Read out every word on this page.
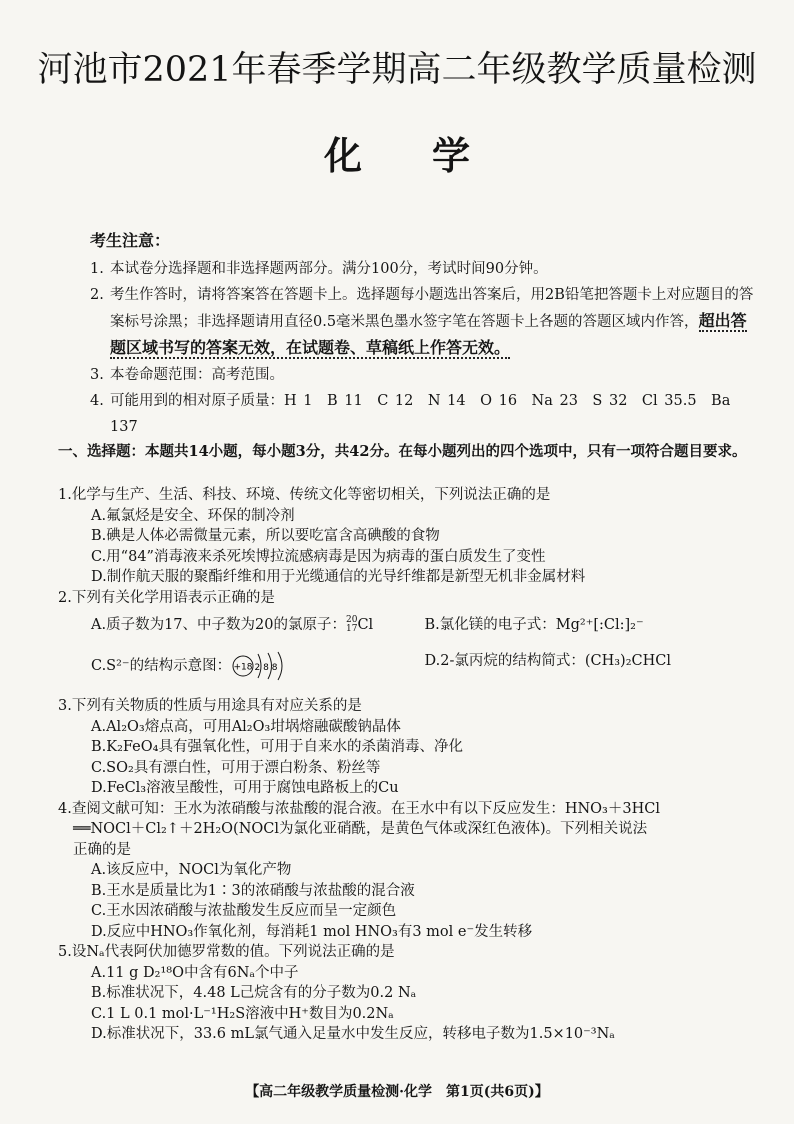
河池市2021年春季学期高二年级教学质量检测
化学
考生注意：
1. 本试卷分选择题和非选择题两部分。满分100分，考试时间90分钟。
2. 考生作答时，请将答案答在答题卡上。选择题每小题选出答案后，用2B铅笔把答题卡上对应题目的答案标号涂黑；非选择题请用直径0.5毫米黑色墨水签字笔在答题卡上各题的答题区域内作答，超出答题区域书写的答案无效，在试题卷、草稿纸上作答无效。
3. 本卷命题范围：高考范围。
4. 可能用到的相对原子质量：H 1　B 11　C 12　N 14　O 16　Na 23　S 32　Cl 35.5　Ba 137
一、选择题：本题共14小题，每小题3分，共42分。在每小题列出的四个选项中，只有一项符合题目要求。
1.化学与生产、生活、科技、环境、传统文化等密切相关，下列说法正确的是
A.氟氯烃是安全、环保的制冷剂
B.碘是人体必需微量元素，所以要吃富含高碘酸的食物
C.用“84”消毒液来杀死埃博拉流感病毒是因为病毒的蛋白质发生了变性
D.制作航天服的聚酯纤维和用于光缆通信的光导纤维都是新型无机非金属材料
2.下列有关化学用语表示正确的是
A.质子数为17、中子数为20的氯原子： 20
17 Cl	B.氯化镁的电子式：Mg²⁺[:Cl:]₂⁻
C.S²⁻的结构示意图： +18 2 8 8	D.2-氯丙烷的结构简式：(CH₃)₂CHCl
3.下列有关物质的性质与用途具有对应关系的是
A.Al₂O₃熔点高，可用Al₂O₃坩埚熔融碳酸钠晶体
B.K₂FeO₄具有强氧化性，可用于自来水的杀菌消毒、净化
C.SO₂具有漂白性，可用于漂白粉条、粉丝等
D.FeCl₃溶液呈酸性，可用于腐蚀电路板上的Cu
4.查阅文献可知：王水为浓硝酸与浓盐酸的混合液。在王水中有以下反应发生：HNO₃＋3HCl
══NOCl＋Cl₂↑＋2H₂O(NOCl为氯化亚硝酰，是黄色气体或深红色液体)。下列相关说法
正确的是
A.该反应中，NOCl为氧化产物
B.王水是质量比为1∶3的浓硝酸与浓盐酸的混合液
C.王水因浓硝酸与浓盐酸发生反应而呈一定颜色
D.反应中HNO₃作氧化剂，每消耗1 mol HNO₃有3 mol e⁻发生转移
5.设Nₐ代表阿伏加德罗常数的值。下列说法正确的是
A.11 g D₂¹⁸O中含有6Nₐ个中子
B.标准状况下，4.48 L己烷含有的分子数为0.2 Nₐ
C.1 L 0.1 mol·L⁻¹H₂S溶液中H⁺数目为0.2Nₐ
D.标准状况下，33.6 mL氯气通入足量水中发生反应，转移电子数为1.5×10⁻³Nₐ
【高二年级教学质量检测·化学　第1页(共6页)】
